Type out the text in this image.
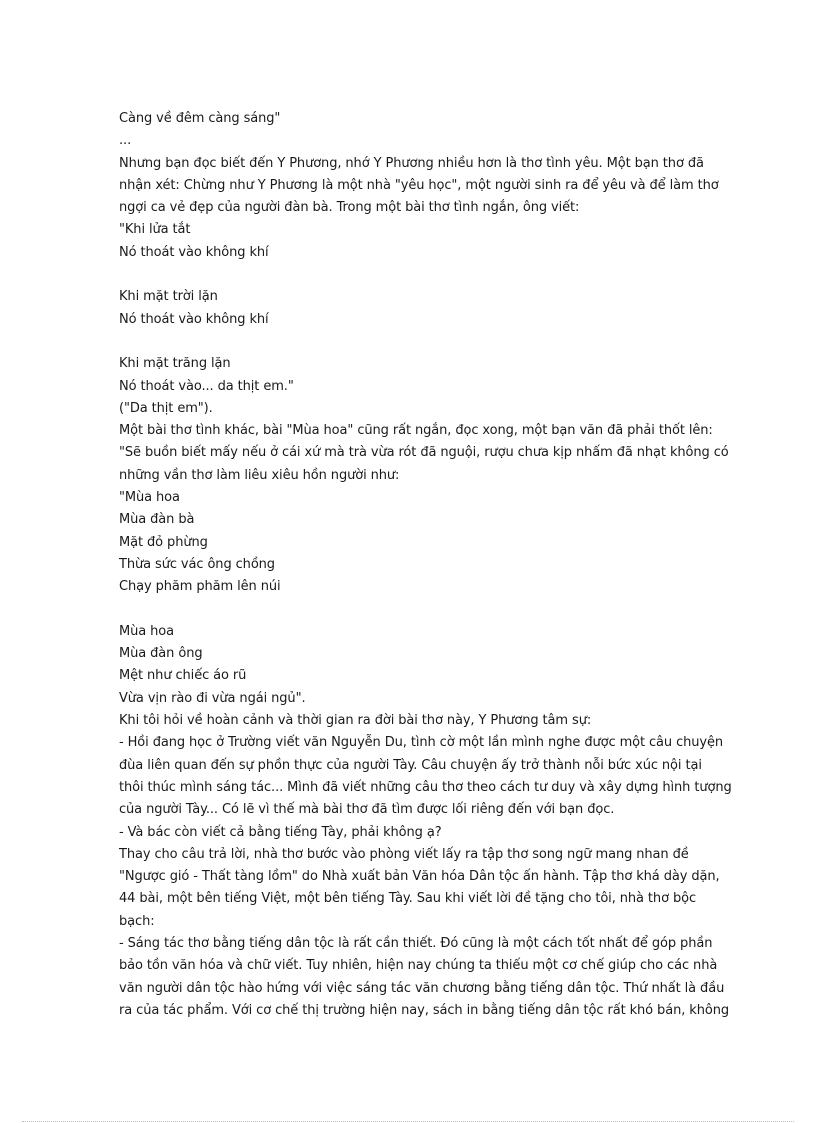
Càng về đêm càng sáng"
...
Nhưng bạn đọc biết đến Y Phương, nhớ Y Phương nhiều hơn là thơ tình yêu. Một bạn thơ đã
nhận xét: Chừng như Y Phương là một nhà "yêu học", một người sinh ra để yêu và để làm thơ
ngợi ca vẻ đẹp của người đàn bà. Trong một bài thơ tình ngắn, ông viết:
"Khi lửa tắt
Nó thoát vào không khí
Khi mặt trời lặn
Nó thoát vào không khí
Khi mặt trăng lặn
Nó thoát vào... da thịt em."
("Da thịt em").
Một bài thơ tình khác, bài "Mùa hoa" cũng rất ngắn, đọc xong, một bạn văn đã phải thốt lên:
"Sẽ buồn biết mấy nếu ở cái xứ mà trà vừa rót đã nguội, rượu chưa kịp nhấm đã nhạt không có
những vần thơ làm liêu xiêu hồn người như:
"Mùa hoa
Mùa đàn bà
Mặt đỏ phừng
Thừa sức vác ông chồng
Chạy phăm phăm lên núi
Mùa hoa
Mùa đàn ông
Mệt như chiếc áo rũ
Vừa vịn rào đi vừa ngái ngủ".
Khi tôi hỏi về hoàn cảnh và thời gian ra đời bài thơ này, Y Phương tâm sự:
- Hồi đang học ở Trường viết văn Nguyễn Du, tình cờ một lần mình nghe được một câu chuyện
đùa liên quan đến sự phồn thực của người Tày. Câu chuyện ấy trở thành nỗi bức xúc nội tại
thôi thúc mình sáng tác... Mình đã viết những câu thơ theo cách tư duy và xây dựng hình tượng
của người Tày... Có lẽ vì thế mà bài thơ đã tìm được lối riêng đến với bạn đọc.
- Và bác còn viết cả bằng tiếng Tày, phải không ạ?
Thay cho câu trả lời, nhà thơ bước vào phòng viết lấy ra tập thơ song ngữ mang nhan đề
"Ngược gió - Thất tàng lồm" do Nhà xuất bản Văn hóa Dân tộc ấn hành. Tập thơ khá dày dặn,
44 bài, một bên tiếng Việt, một bên tiếng Tày. Sau khi viết lời đề tặng cho tôi, nhà thơ bộc
bạch:
- Sáng tác thơ bằng tiếng dân tộc là rất cần thiết. Đó cũng là một cách tốt nhất để góp phần
bảo tồn văn hóa và chữ viết. Tuy nhiên, hiện nay chúng ta thiếu một cơ chế giúp cho các nhà
văn người dân tộc hào hứng với việc sáng tác văn chương bằng tiếng dân tộc. Thứ nhất là đầu
ra của tác phẩm. Với cơ chế thị trường hiện nay, sách in bằng tiếng dân tộc rất khó bán, không
